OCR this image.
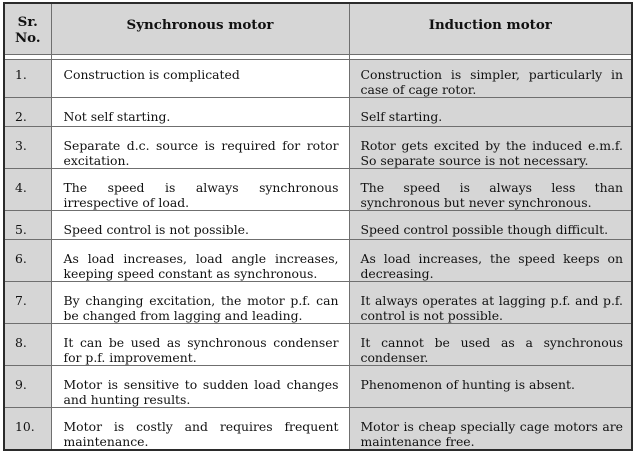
Sr.
No.	Synchronous motor	Induction motor

1.	Construction is complicated	Construction is simpler, particularly in case of cage rotor.
2.	Not self starting.	Self starting.
3.	Separate d.c. source is required for rotor excitation.	Rotor gets excited by the induced e.m.f. So separate source is not necessary.
4.	The speed is always synchronous irrespective of load.	The speed is always less than synchronous but never synchronous.
5.	Speed control is not possible.	Speed control possible though difficult.
6.	As load increases, load angle increases, keeping speed constant as synchronous.	As load increases, the speed keeps on decreasing.
7.	By changing excitation, the motor p.f. can be changed from lagging and leading.	It always operates at lagging p.f. and p.f. control is not possible.
8.	It can be used as synchronous condenser for p.f. improvement.	It cannot be used as a synchronous condenser.
9.	Motor is sensitive to sudden load changes and hunting results.	Phenomenon of hunting is absent.
10.	Motor is costly and requires frequent maintenance.	Motor is cheap specially cage motors are maintenance free.
